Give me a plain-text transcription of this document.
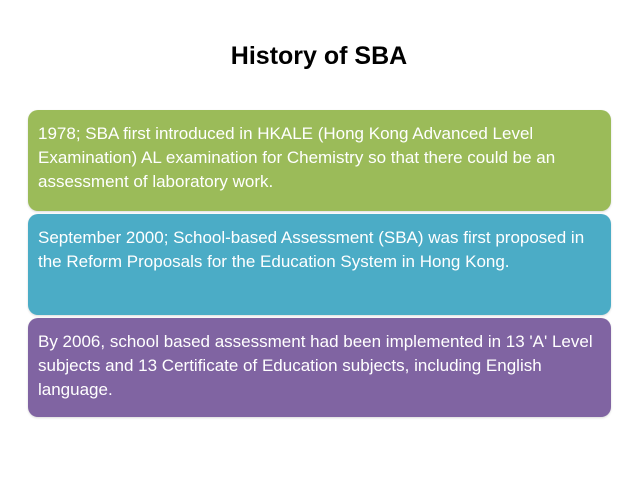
History of SBA
1978; SBA first introduced in HKALE (Hong Kong Advanced Level Examination) AL examination for Chemistry so that there could be an assessment of laboratory work.
September 2000; School-based Assessment (SBA) was first proposed in the Reform Proposals for the Education System in Hong Kong.
By 2006, school based assessment had been implemented in 13 'A' Level subjects and 13 Certificate of Education subjects, including English language.
